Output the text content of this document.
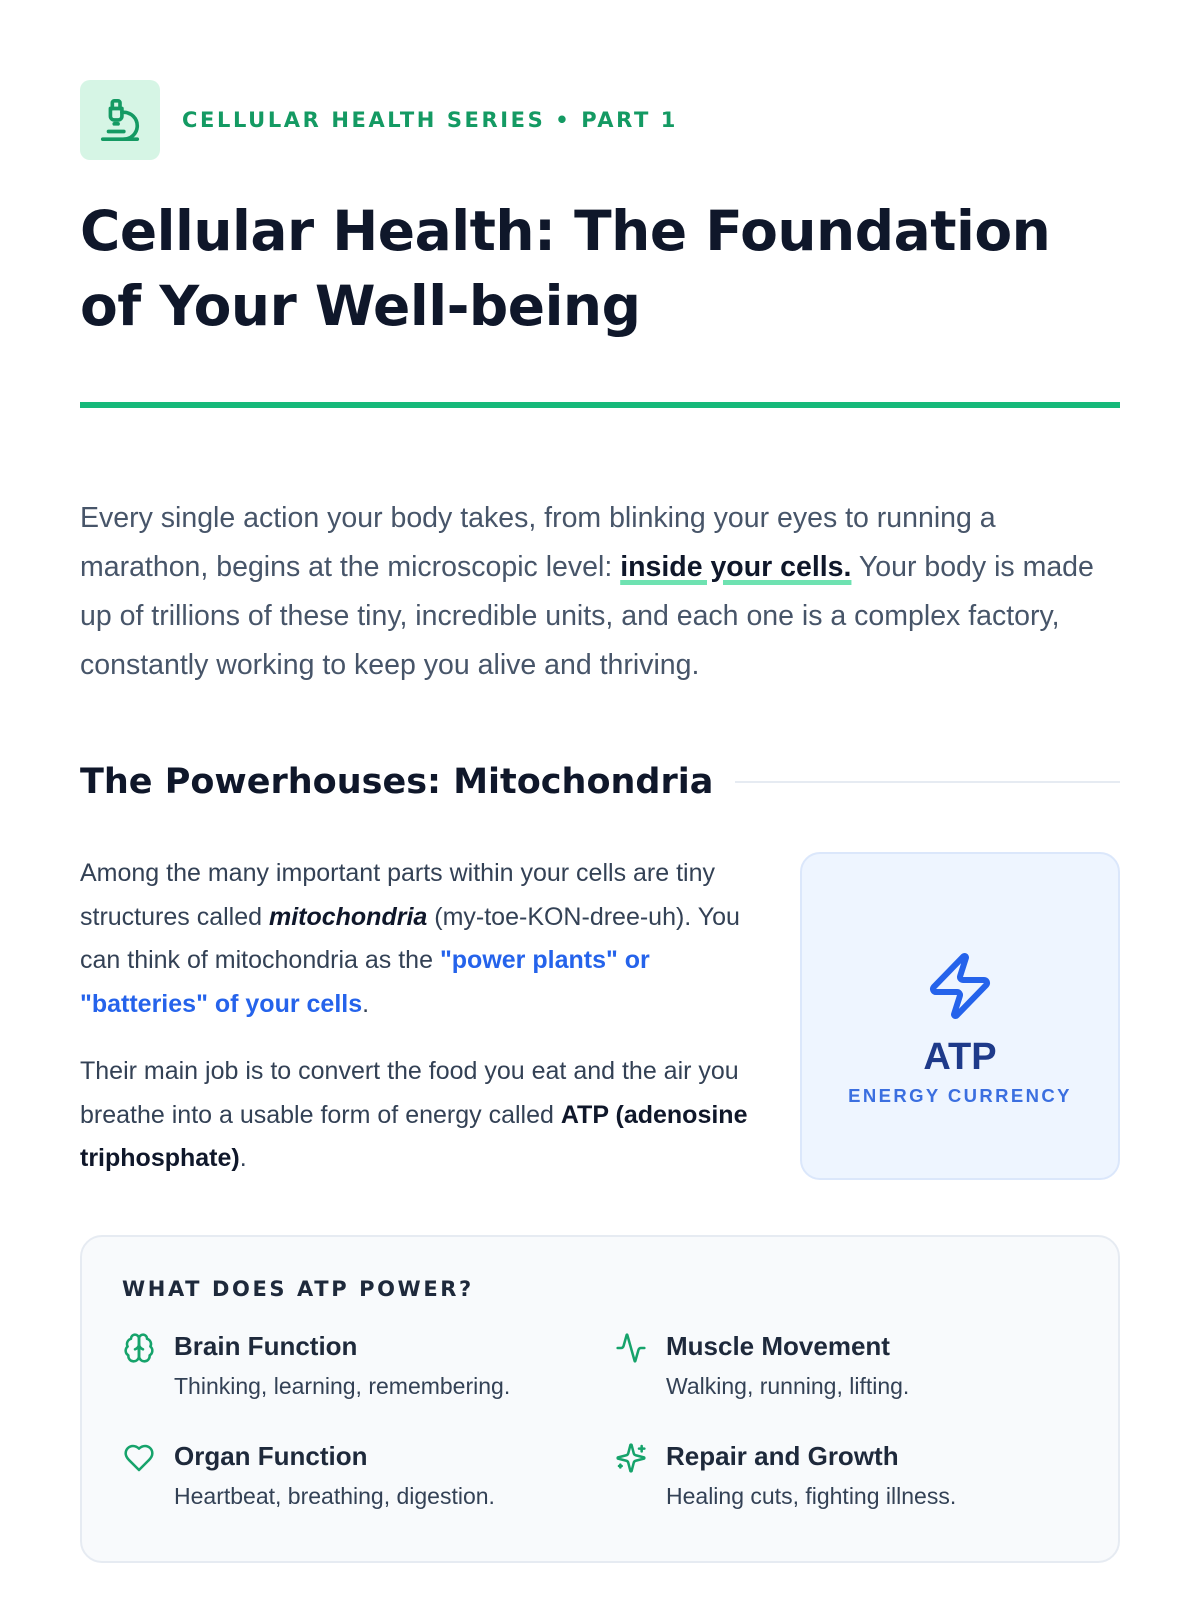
CELLULAR HEALTH SERIES • PART 1
Cellular Health: The Foundation of Your Well-being

Every single action your body takes, from blinking your eyes to running a marathon, begins at the microscopic level: inside your cells. Your body is made up of trillions of these tiny, incredible units, and each one is a complex factory, constantly working to keep you alive and thriving.

The Powerhouses: Mitochondria

Among the many important parts within your cells are tiny structures called mitochondria (my-toe-KON-dree-uh). You can think of mitochondria as the "power plants" or "batteries" of your cells.

Their main job is to convert the food you eat and the air you breathe into a usable form of energy called ATP (adenosine triphosphate).

ATP
ENERGY CURRENCY
WHAT DOES ATP POWER?
Brain Function
Thinking, learning, remembering.
Muscle Movement
Walking, running, lifting.
Organ Function
Heartbeat, breathing, digestion.
Repair and Growth
Healing cuts, fighting illness.
